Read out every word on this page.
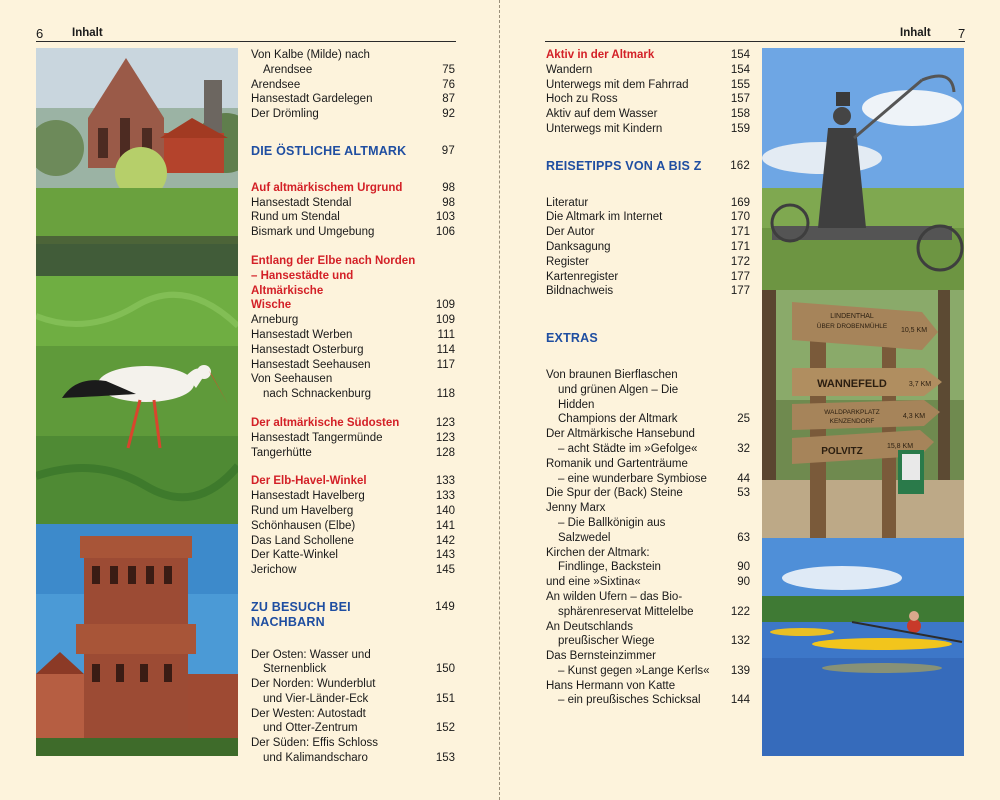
6	Inhalt	Inhalt 7
LINDENTHAL
ÜBER DROBENMÜHLE
10,5 KM
WANNEFELD	3,7 KM
WALDPARKPLATZ
KENZENDORF
4,3 KM
POLVITZ	15,8 KM
Von Kalbe (Milde) nach
Arendsee	75
Arendsee	76
Hansestadt Gardelegen	87
Der Drömling	92
DIE ÖSTLICHE ALTMARK	97
Auf altmärkischem Urgrund	98
Hansestadt Stendal	98
Rund um Stendal	103
Bismark und Umgebung	106
Entlang der Elbe nach Norden
– Hansestädte und Altmärkische
Wische	109
Arneburg	109
Hansestadt Werben	111
Hansestadt Osterburg	114
Hansestadt Seehausen	117
Von Seehausen
nach Schnackenburg	118
Der altmärkische Südosten	123
Hansestadt Tangermünde	123
Tangerhütte	128
Der Elb-Havel-Winkel	133
Hansestadt Havelberg	133
Rund um Havelberg	140
Schönhausen (Elbe)	141
Das Land Schollene	142
Der Katte-Winkel	143
Jerichow	145
ZU BESUCH BEI NACHBARN
149
Der Osten: Wasser und
Sternenblick	150
Der Norden: Wunderblut
und Vier-Länder-Eck	151
Der Westen: Autostadt
und Otter-Zentrum	152
Der Süden: Effis Schloss
und Kalimandscharo	153
Aktiv in der Altmark	154
Wandern	154
Unterwegs mit dem Fahrrad	155
Hoch zu Ross	157
Aktiv auf dem Wasser	158
Unterwegs mit Kindern	159
REISETIPPS VON A BIS Z	162
Literatur	169
Die Altmark im Internet	170
Der Autor	171
Danksagung	171
Register	172
Kartenregister	177
Bildnachweis	177
EXTRAS
Von braunen Bierflaschen
und grünen Algen – Die Hidden
Champions der Altmark	25
Der Altmärkische Hansebund
– acht Städte im »Gefolge«	32
Romanik und Gartenträume
– eine wunderbare Symbiose	44
Die Spur der (Back) Steine	53
Jenny Marx
– Die Ballkönigin aus Salzwedel	63
Kirchen der Altmark:
Findlinge, Backstein	90
und eine »Sixtina«	90
An wilden Ufern – das Bio-
sphärenreservat Mittelelbe	122
An Deutschlands
preußischer Wiege	132
Das Bernsteinzimmer
– Kunst gegen »Lange Kerls«	139
Hans Hermann von Katte
– ein preußisches Schicksal	144
